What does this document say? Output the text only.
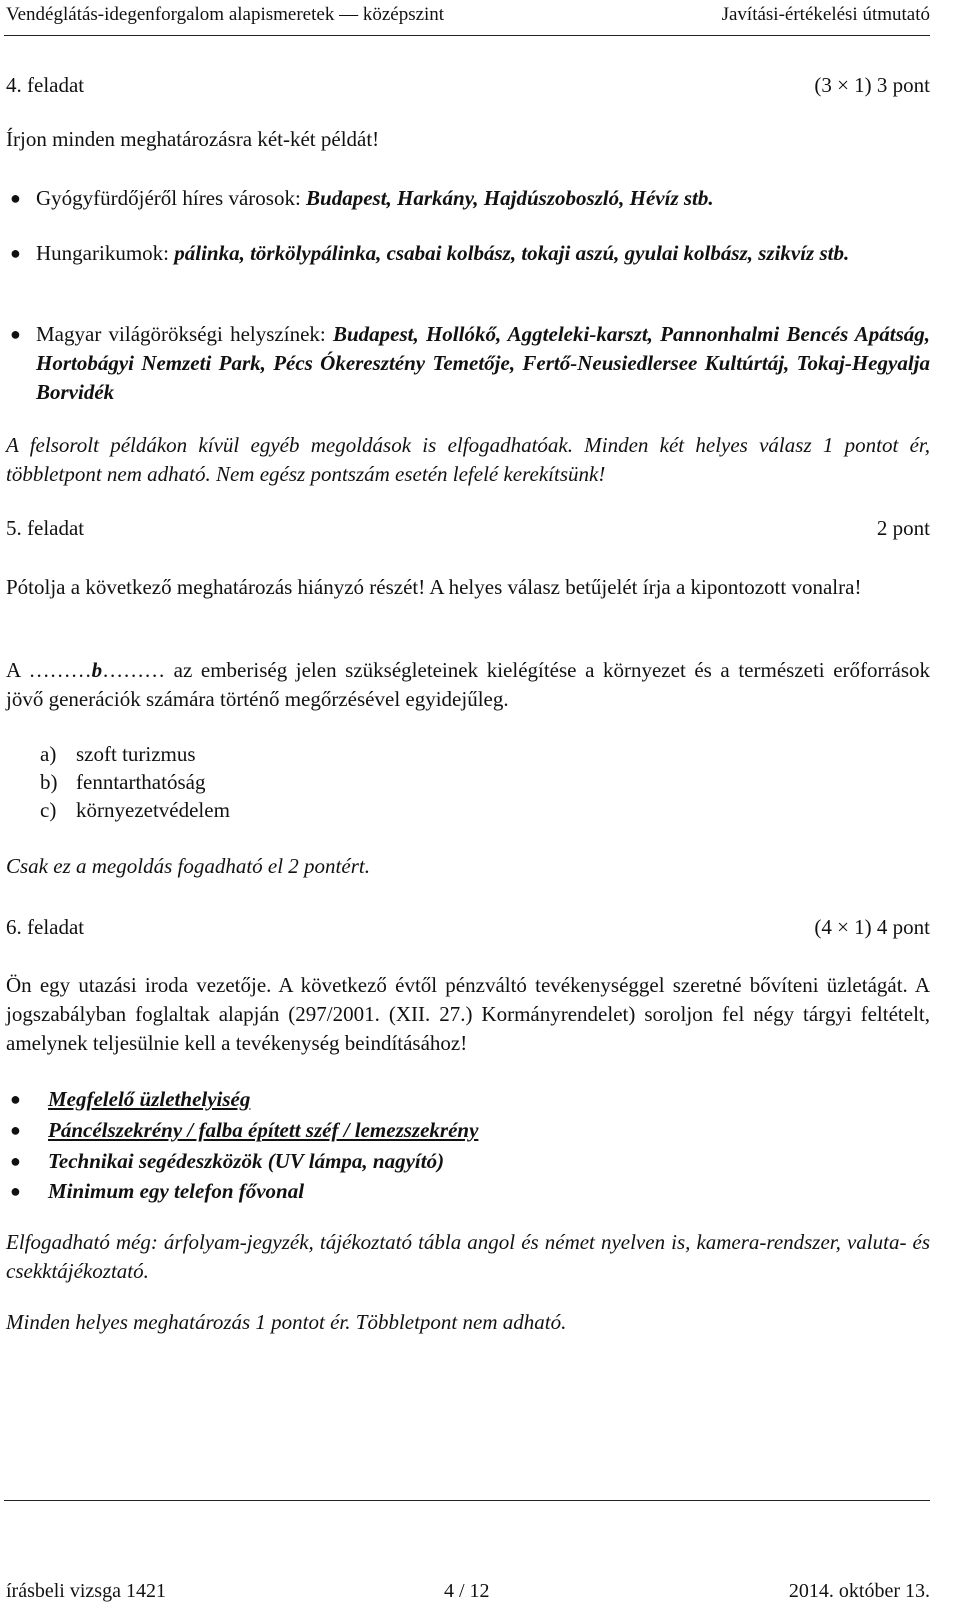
Vendéglátás-idegenforgalom alapismeretek — középszint	Javítási-értékelési útmutató
4. feladat	(3 × 1) 3 pont
Írjon minden meghatározásra két-két példát!
● Gyógyfürdőjéről híres városok: Budapest, Harkány, Hajdúszoboszló, Hévíz stb.
● Hungarikumok: pálinka, törkölypálinka, csabai kolbász, tokaji aszú, gyulai kolbász, szikvíz stb.
● Magyar világörökségi helyszínek: Budapest, Hollókő, Aggteleki-karszt, Pannonhalmi Bencés Apátság, Hortobágyi Nemzeti Park, Pécs Ókeresztény Temetője, Fertő-Neusiedlersee Kultúrtáj, Tokaj-Hegyalja Borvidék
A felsorolt példákon kívül egyéb megoldások is elfogadhatóak. Minden két helyes válasz 1 pontot ér, többletpont nem adható. Nem egész pontszám esetén lefelé kerekítsünk!
5. feladat	2 pont
Pótolja a következő meghatározás hiányzó részét! A helyes válasz betűjelét írja a kipontozott vonalra!
A ………b……… az emberiség jelen szükségleteinek kielégítése a környezet és a természeti erőforrások jövő generációk számára történő megőrzésével egyidejűleg.
a) szoft turizmus
b) fenntarthatóság
c) környezetvédelem
Csak ez a megoldás fogadható el 2 pontért.
6. feladat	(4 × 1) 4 pont
Ön egy utazási iroda vezetője. A következő évtől pénzváltó tevékenységgel szeretné bővíteni üzletágát. A jogszabályban foglaltak alapján (297/2001. (XII. 27.) Kormányrendelet) soroljon fel négy tárgyi feltételt, amelynek teljesülnie kell a tevékenység beindításához!
● Megfelelő üzlethelyiség
● Páncélszekrény / falba épített széf / lemezszekrény
● Technikai segédeszközök (UV lámpa, nagyító)
● Minimum egy telefon fővonal
Elfogadható még: árfolyam-jegyzék, tájékoztató tábla angol és német nyelven is, kamera-rendszer, valuta- és csekktájékoztató.
Minden helyes meghatározás 1 pontot ér. Többletpont nem adható.
írásbeli vizsga 1421	4 / 12	2014. október 13.
